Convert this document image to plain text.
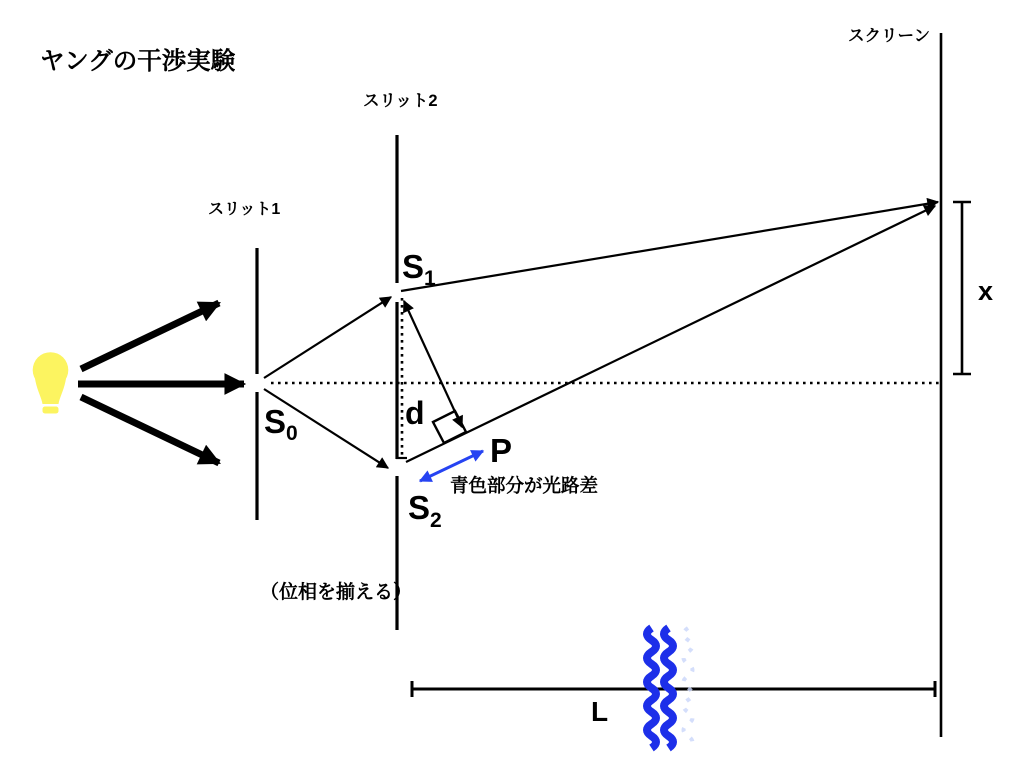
ヤングの干渉実験
スリット1
スリット2
スクリーン
S 1
S 0
S 2
d
P
x
L
青色部分が光路差
（位相を揃える）
